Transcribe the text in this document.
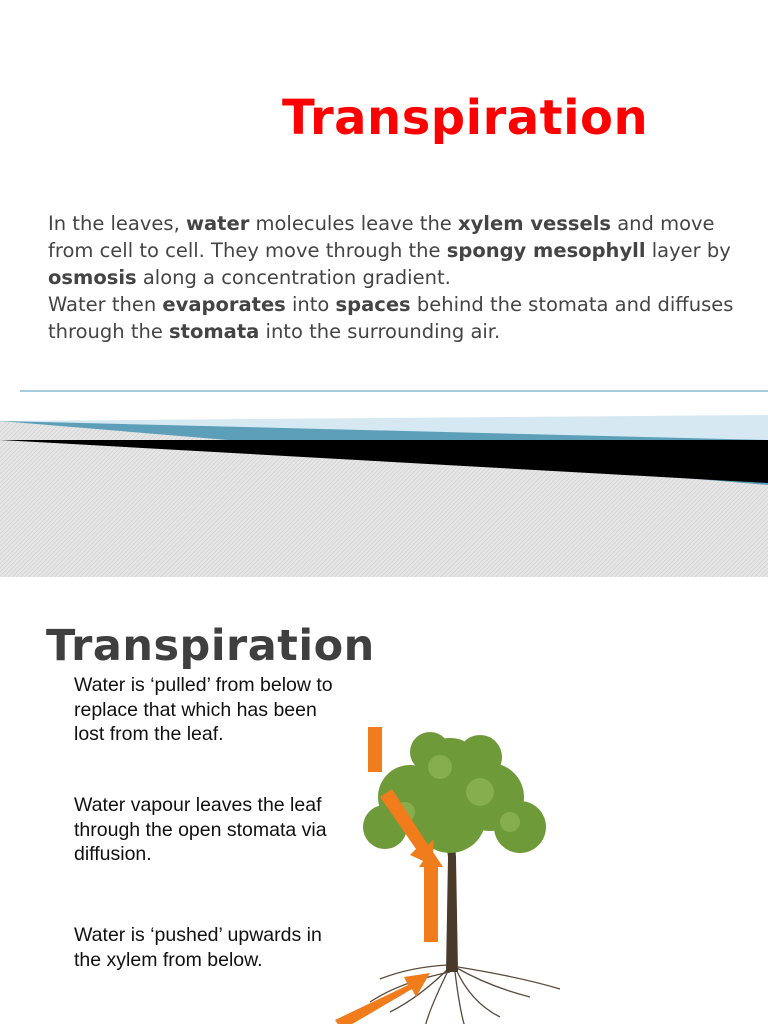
Transpiration
In the leaves, water molecules leave the xylem vessels and move from cell to cell. They move through the spongy mesophyll layer by osmosis along a concentration gradient.
Water then evaporates into spaces behind the stomata and diffuses through the stomata into the surrounding air.
Transpiration

Water is ‘pulled’ from below to replace that which has been lost from the leaf.

Water vapour leaves the leaf through the open stomata via diffusion.

Water is ‘pushed’ upwards in the xylem from below.
